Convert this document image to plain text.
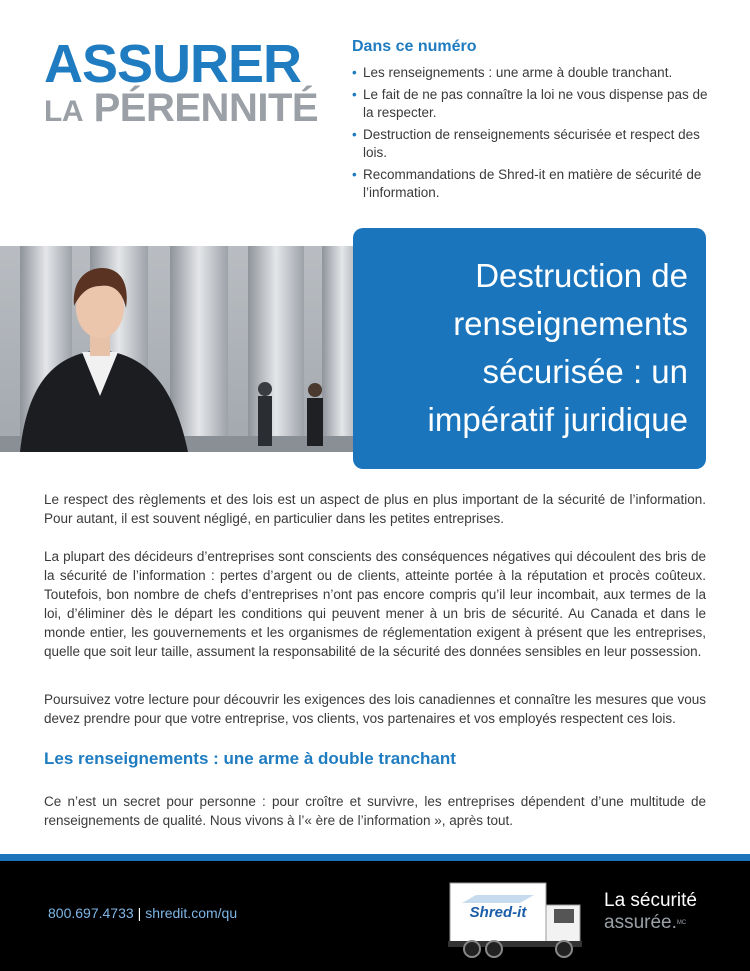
ASSURER
LA PÉRENNITÉ
Dans ce numéro
• Les renseignements : une arme à double tranchant.
• Le fait de ne pas connaître la loi ne vous dispense pas de la respecter.
• Destruction de renseignements sécurisée et respect des lois.
• Recommandations de Shred-it en matière de sécurité de l’information.
Destruction de
renseignements
sécurisée : un
impératif juridique

Le respect des règlements et des lois est un aspect de plus en plus important de la sécurité de l’information. Pour autant, il est souvent négligé, en particulier dans les petites entreprises.

La plupart des décideurs d’entreprises sont conscients des conséquences négatives qui découlent des bris de la sécurité de l’information : pertes d’argent ou de clients, atteinte portée à la réputation et procès coûteux. Toutefois, bon nombre de chefs d’entreprises n’ont pas encore compris qu’il leur incombait, aux termes de la loi, d’éliminer dès le départ les conditions qui peuvent mener à un bris de sécurité. Au Canada et dans le monde entier, les gouvernements et les organismes de réglementation exigent à présent que les entreprises, quelle que soit leur taille, assument la responsabilité de la sécurité des données sensibles en leur possession.

Poursuivez votre lecture pour découvrir les exigences des lois canadiennes et connaître les mesures que vous devez prendre pour que votre entreprise, vos clients, vos partenaires et vos employés respectent ces lois.

Les renseignements : une arme à double tranchant

Ce n’est un secret pour personne : pour croître et survivre, les entreprises dépendent d’une multitude de renseignements de qualité. Nous vivons à l’« ère de l’information », après tout.

800.697.4733 | shredit.com/qu	Shred-it
La sécurité
assurée.$^{MC}$
